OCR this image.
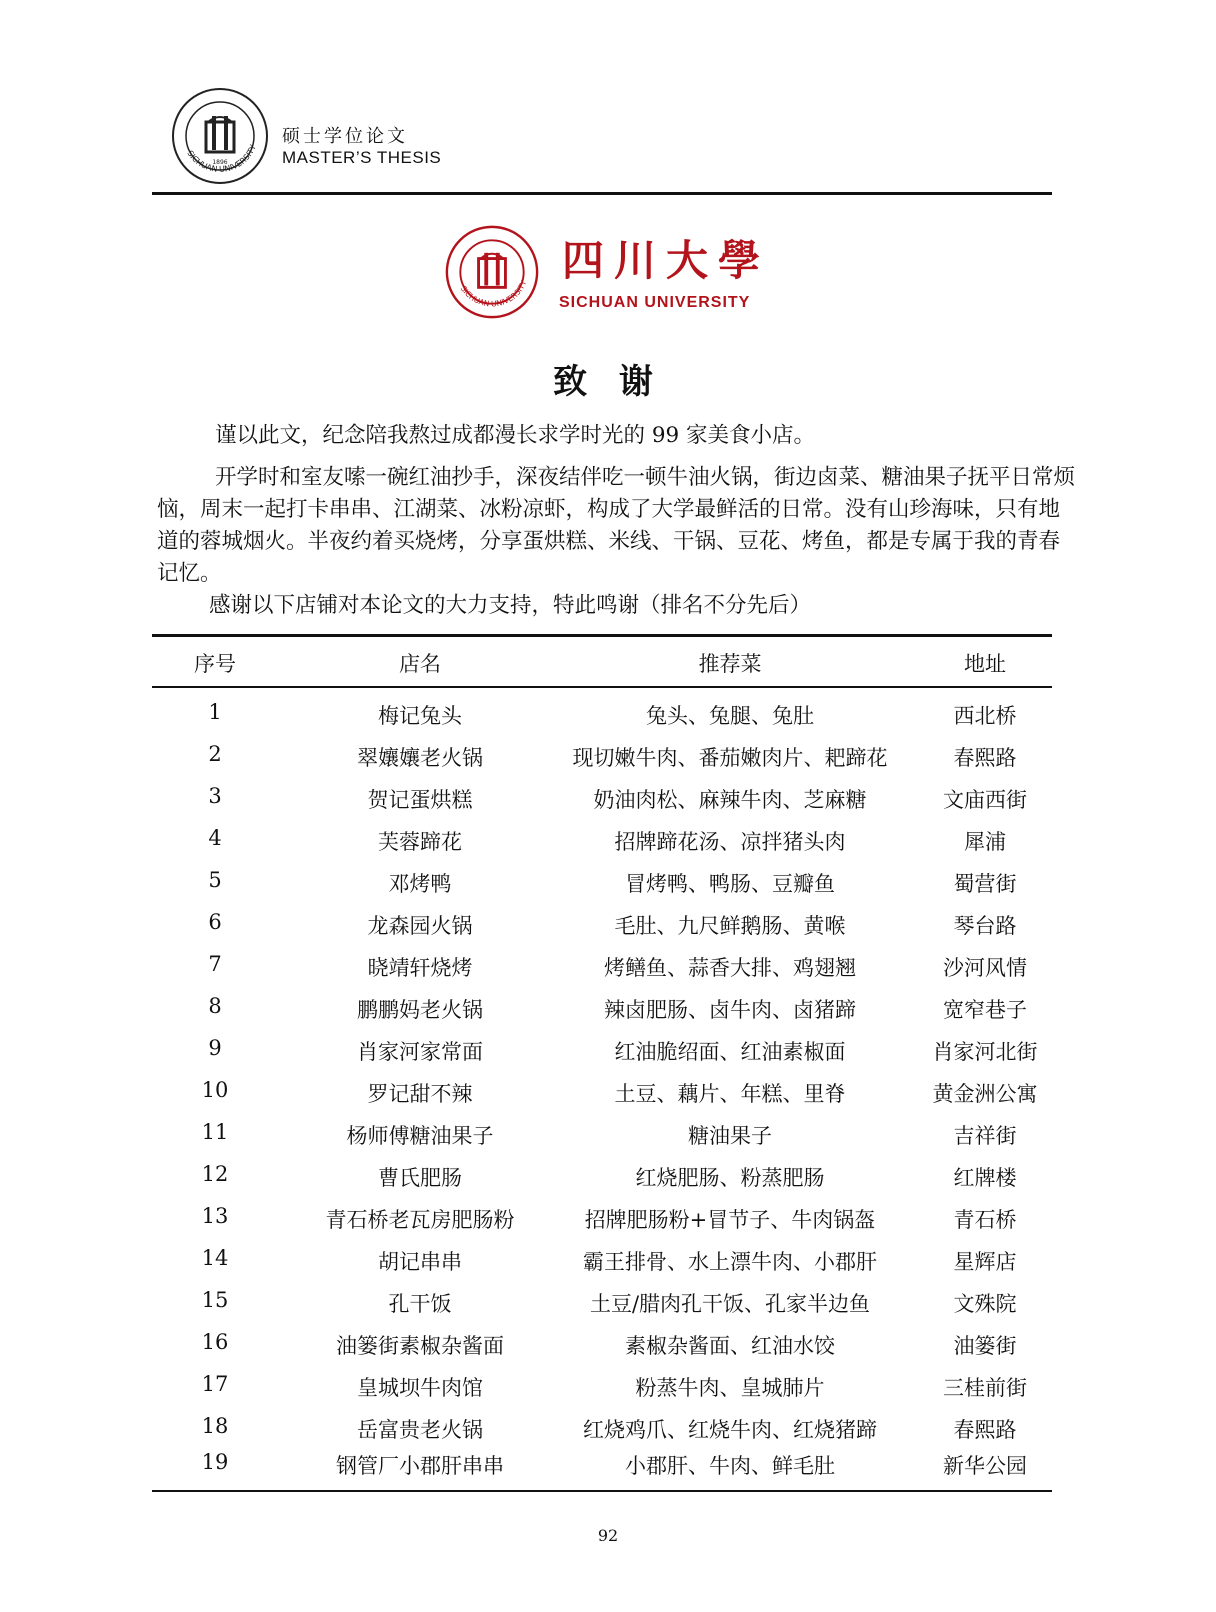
1896
SICHUAN UNIVERSITY
硕士学位论文
MASTER’S THESIS
SICHUAN UNIVERSITY 四川大學
SICHUAN UNIVERSITY
致 谢
谨以此文，纪念陪我熬过成都漫长求学时光的 99 家美食小店。
开学时和室友嗦一碗红油抄手，深夜结伴吃一顿牛油火锅，街边卤菜、糖油果子抚平日常烦恼，周末一起打卡串串、江湖菜、冰粉凉虾，构成了大学最鲜活的日常。没有山珍海味，只有地道的蓉城烟火。半夜约着买烧烤，分享蛋烘糕、米线、干锅、豆花、烤鱼，都是专属于我的青春记忆。
感谢以下店铺对本论文的大力支持，特此鸣谢（排名不分先后）
序号	店名	推荐菜	地址
1	梅记兔头	兔头、兔腿、兔肚	西北桥
2	翠孃孃老火锅	现切嫩牛肉、番茄嫩肉片、耙蹄花	春熙路
3	贺记蛋烘糕	奶油肉松、麻辣牛肉、芝麻糖	文庙西街
4	芙蓉蹄花	招牌蹄花汤、凉拌猪头肉	犀浦
5	邓烤鸭	冒烤鸭、鸭肠、豆瓣鱼	蜀营街
6	龙森园火锅	毛肚、九尺鲜鹅肠、黄喉	琴台路
7	晓靖轩烧烤	烤鳝鱼、蒜香大排、鸡翅翘	沙河风情
8	鹏鹏妈老火锅	辣卤肥肠、卤牛肉、卤猪蹄	宽窄巷子
9	肖家河家常面	红油脆绍面、红油素椒面	肖家河北街
10	罗记甜不辣	土豆、藕片、年糕、里脊	黄金洲公寓
11	杨师傅糖油果子	糖油果子	吉祥街
12	曹氏肥肠	红烧肥肠、粉蒸肥肠	红牌楼
13	青石桥老瓦房肥肠粉	招牌肥肠粉+冒节子、牛肉锅盔	青石桥
14	胡记串串	霸王排骨、水上漂牛肉、小郡肝	星辉店
15	孔干饭	土豆/腊肉孔干饭、孔家半边鱼	文殊院
16	油篓街素椒杂酱面	素椒杂酱面、红油水饺	油篓街
17	皇城坝牛肉馆	粉蒸牛肉、皇城肺片	三桂前街
18	岳富贵老火锅	红烧鸡爪、红烧牛肉、红烧猪蹄	春熙路
19	钢管厂小郡肝串串	小郡肝、牛肉、鲜毛肚	新华公园
92
